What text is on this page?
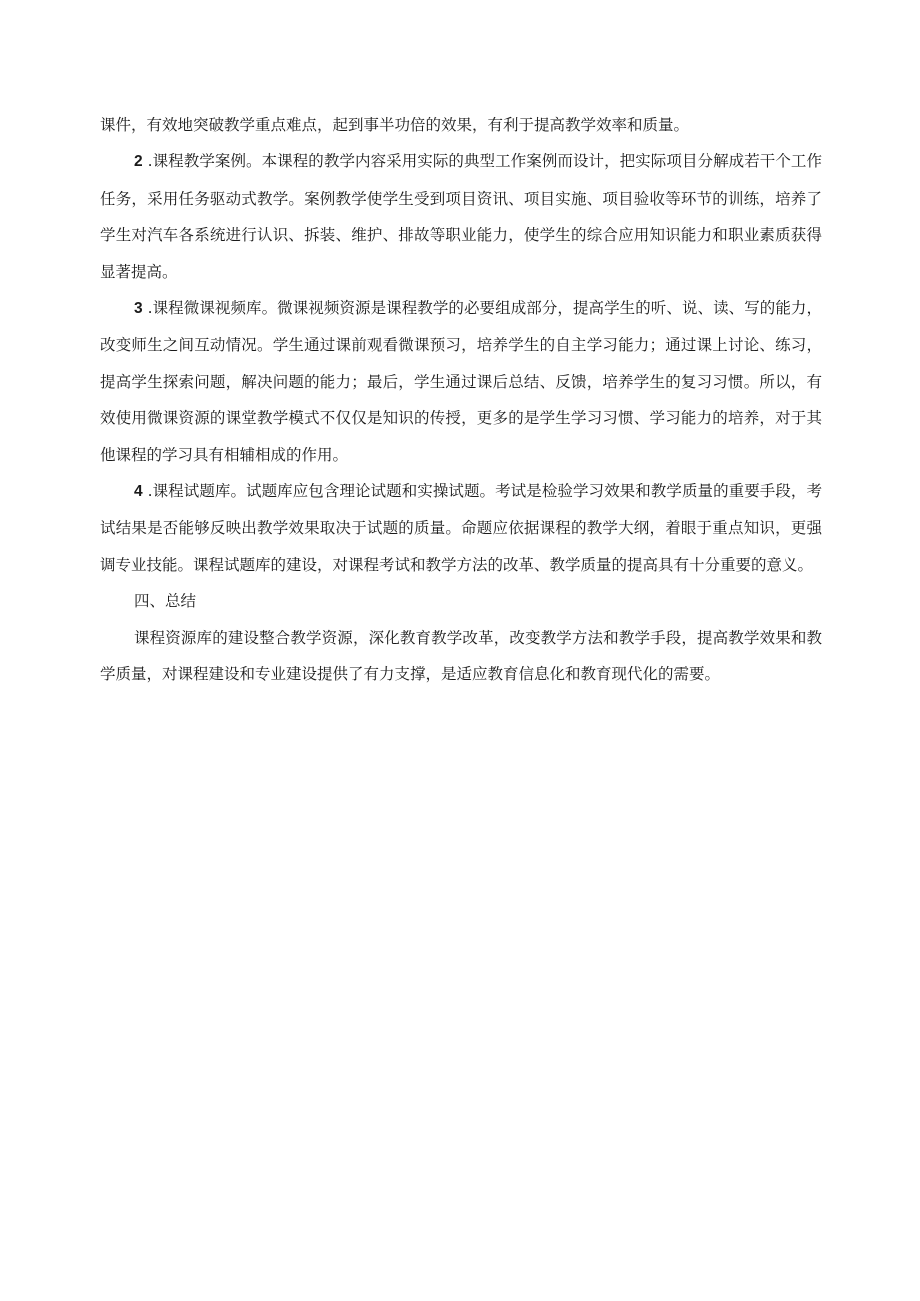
课件，有效地突破教学重点难点，起到事半功倍的效果，有利于提高教学效率和质量。

2 .课程教学案例。本课程的教学内容采用实际的典型工作案例而设计，把实际项目分解成若干个工作任务，采用任务驱动式教学。案例教学使学生受到项目资讯、项目实施、项目验收等环节的训练，培养了学生对汽车各系统进行认识、拆装、维护、排故等职业能力，使学生的综合应用知识能力和职业素质获得显著提高。

3 .课程微课视频库。微课视频资源是课程教学的必要组成部分，提高学生的听、说、读、写的能力，改变师生之间互动情况。学生通过课前观看微课预习，培养学生的自主学习能力；通过课上讨论、练习，提高学生探索问题，解决问题的能力；最后，学生通过课后总结、反馈，培养学生的复习习惯。所以，有效使用微课资源的课堂教学模式不仅仅是知识的传授，更多的是学生学习习惯、学习能力的培养，对于其他课程的学习具有相辅相成的作用。

4 .课程试题库。试题库应包含理论试题和实操试题。考试是检验学习效果和教学质量的重要手段，考试结果是否能够反映出教学效果取决于试题的质量。命题应依据课程的教学大纲，着眼于重点知识，更强调专业技能。课程试题库的建设，对课程考试和教学方法的改革、教学质量的提高具有十分重要的意义。

四、总结

课程资源库的建设整合教学资源，深化教育教学改革，改变教学方法和教学手段，提高教学效果和教学质量，对课程建设和专业建设提供了有力支撑，是适应教育信息化和教育现代化的需要。
